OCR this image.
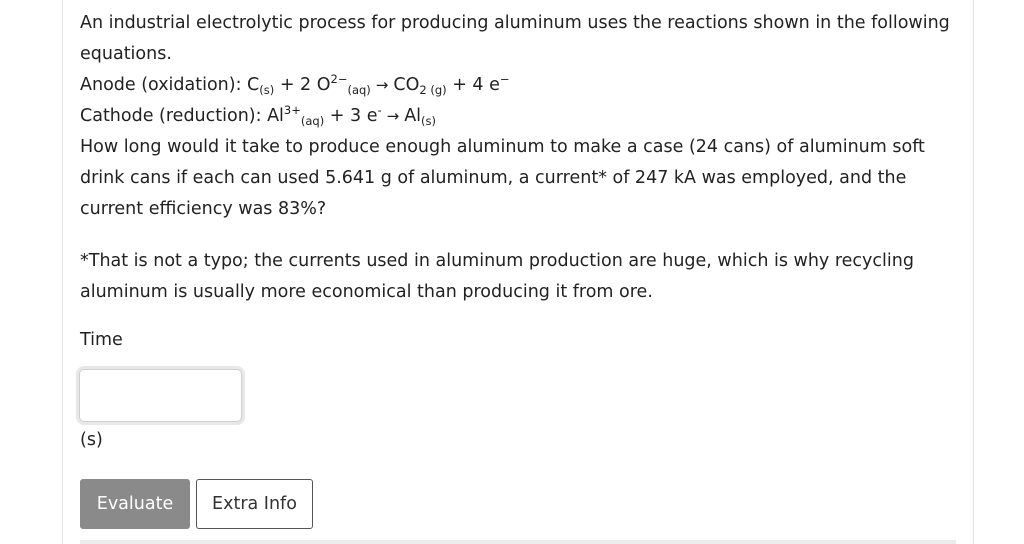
An industrial electrolytic process for producing aluminum uses the reactions shown in the following
equations.
Anode (oxidation): $C_{(s)} + 2$ $O^{2-}_{(aq)} \to CO_{2 (g)} + 4$ e−
Cathode (reduction): $Al^{3+}_{(aq)} + 3$ $e^- \to Al_{(s)}$
How long would it take to produce enough aluminum to make a case (24 cans) of aluminum soft
drink cans if each can used 5.641 g of aluminum, a current* of 247 kA was employed, and the
current efficiency was 83%?
*That is not a typo; the currents used in aluminum production are huge, which is why recycling
aluminum is usually more economical than producing it from ore.
Time
(s)
Evaluate	Extra Info
